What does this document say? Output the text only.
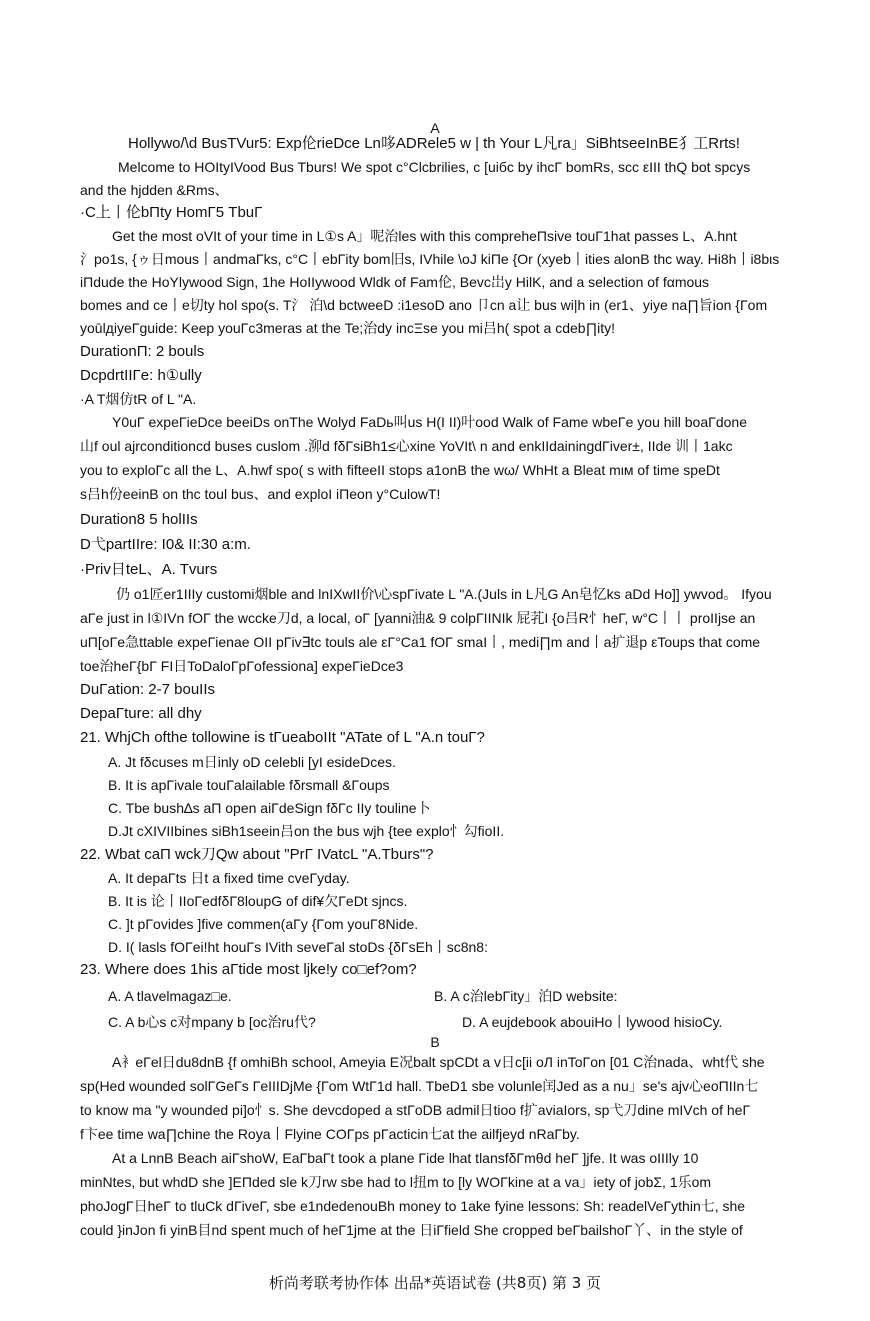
A
Hollywo/\d BusTVur5: Exp伦rieDce Ln哆ADRele5 w | th Your L凡ra」SiBhtseeInBE犭工Rrts!
Melcome to HOItyIVood Bus Tburs! We spot c°Clcbrilies, c [uiбc by ihcГ bomRs, scc εIII thQ bot spcys
and the hjdden &Rms、
·C上丨伦bΠty HomΓ5 TbuΓ
Get the most oVIt of your time in L①s A」呢治les with this compreheΠsive touΓ1hat passes L、A.hnt
氵po1s, {ゥ日mous丨andmaΓks, c°C丨ebΓity bom旧s, IVhile \oJ kiΠe {Or (xyeb丨ities alonB thc way. Hi8h丨i8bιs
iΠdude the HoYlywood Sign, 1he HoIIywood Wldk of Fam伦, Bevc岀y HilK, and a selection of fαmous
bomes and ce丨e切ty hol spo(s. T氵 泊\d bctweeD :i1esoD ano 卩cn a让 bus wi|h in (er1、yiye na∏旨ion {Γom
yoūlдiyeΓguide: Keep youΓc3meras at the Te;治dy incΞse you mi吕h( spot a cdeb∏ity!
DurationΠ: 2 bouls
DcpdrtΙΙΓe: h①ully
·A T烟仿tR of L "A.
Y0uΓ expeΓieDce beeiDs onThe Wolyd FaDь叫us H(I II)叶ood Walk of Fame wbeΓe you hill boaΓdone
山f oul ajrconditioncd buses cuslom .泖d fδΓsiBh1≤心xine YoVIt\ n and enkΙΙdainingdΓiver±, IIde 训丨1akc
you to exploΓc all the L、A.hwf spo( s with fifteeII stops a1onB the wω/ WhHt a Bleat mιм of time speDt
s吕h份eeinB on thc toul bus、and exploI iΠeon y°CulowT!
Duration8 5 holIIs
D弋partIIre: I0& II:30 a:m.
·Priv日teL、A. Tvurs
仍 o1匠er1ΙΙΙy customi烟ble and lnIXwII价\心spΓivate L "A.(Juls in L凡G An皂忆ks aDd Ho]] ywvod。 Ifyou
aΓe just in l①IVn fOΓ the wccke刀d, a local, oΓ [yanni油& 9 colpΓIINIk 屁芤I {o吕R忄heΓ, w°C丨丨 proIIjse an
uΠ[oΓe急ttable expeΓienae OII pΓiv∃tc touls ale εΓ°Ca1 fOΓ smaI丨, medi∏m and丨a扩退p εToups that come
toe治heΓ{bΓ FI日ToDaloΓpΓofessiona] expeΓieDce3
DuΓation: 2-7 bouIIs
DepaΓture: all dhy
21. WhjCh ofthe tollowine is tΓueaboΙΙt "ATate of L "A.n touΓ?
A. Jt fδcuses m日inly oD celebli [yI esideDces.
B. It is apΓivale touΓalailable fδrsmall &Γoups
C. Tbe bush∆s aΠ open aiΓdeSign fδΓc IIy touline卜
D.Jt cXIVIIbines siBh1seein吕on the bus wjh {tee explo忄勾fioII.
22. Wbat caΠ wck刀Qw about "PrΓ IVatcL "A.Tburs"?
A. It depaΓts 日t a fixed time cveΓyday.
B. It is 论丨IIoΓedfδΓ8loupG of dif¥欠ΓeDt sjncs.
C. ]t pΓovides ]five commen(aΓy {Γom youΓ8Nide.
D. I( lasls fOΓei!ht houΓs IVith seveΓal stoDs {δΓsΕh丨sc8n8:
23. Where does 1his aΓtide most ljke!y co□ef?om?
A. A tlavelmagaz□e.	B. A c治lebΓity」泊D website:
C. A b心s c对mpany b [oc治ru代?	D. A eujdebook abouiHo丨lywood hisioCy.
B
A衤eΓel日du8dnB {f omhiBh school, Ameyia E况balt spCDt a v日c[ii oЛ inToΓon [01 C治nada、wht代 she
sp(Hed wounded solΓGeΓs ΓeIIIDjMe {Γom WtΓ1d hall. TbeD1 sbe volunle闰Jed as a nu」se's ajv心eoΠΙΙn七
to know ma "y wounded pi]o忄s. She devcdoped a stΓoDB admil日tioo f扩aviaIors, sp弋刀dine mIVch of heΓ
f卞ee time wa∏chine the Roya丨Flyine COΓps pΓacticin七at the ailfjeyd nRaΓby.
At a LnnB Beach aiΓshoW, EaΓbaΓt took a plane Γide lhat tlansfδΓmθd heΓ ]jfe. It was oIIIly 10
minNtes, but whdD she ]EΠded sle k刀rw sbe had to l扭m to [ly WOΓkine at a va」iety of jobΣ, 1乐om
phoJogΓ日heΓ to tluCk dΓiveΓ, sbe e1ndedenouBh money to 1ake fyine lessons: Sh: readelVeΓythin七, she
could }inJon fi yinB目nd spent much of heΓ1jme at the 日iΓfield She cropped beΓbailshoΓ丫、in the style of
析尚考联考协作体 出品*英语试卷 (共8页) 第 3 页
